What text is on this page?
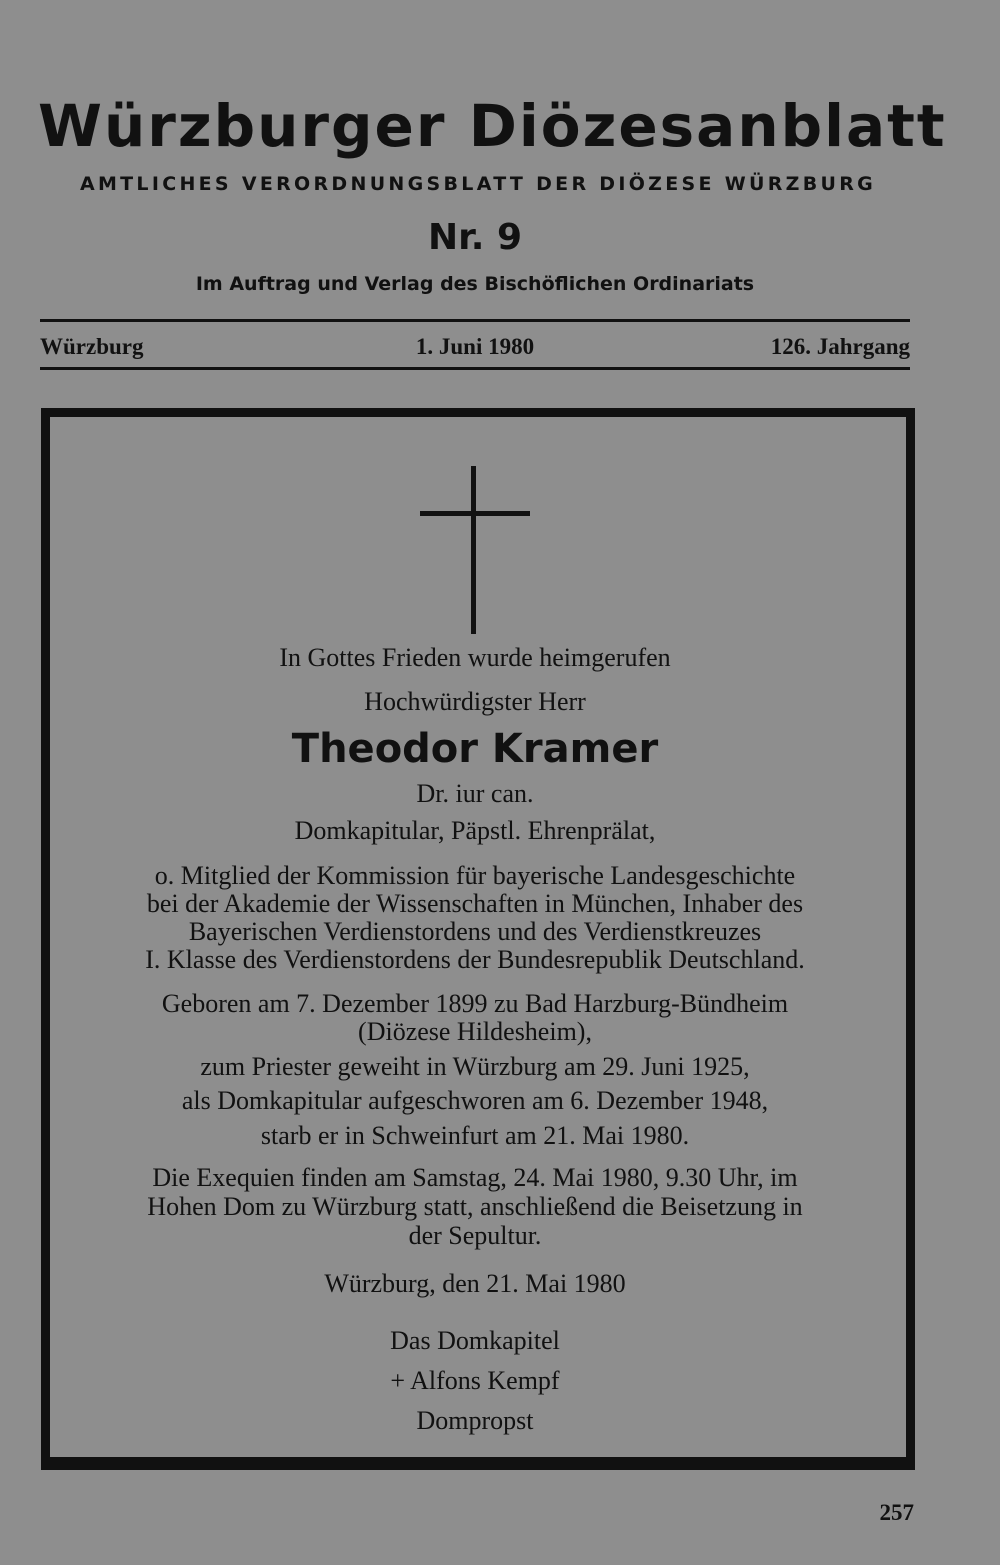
Würzburger Diözesanblatt
AMTLICHES VERORDNUNGSBLATT DER DIÖZESE WÜRZBURG
Nr. 9
Im Auftrag und Verlag des Bischöflichen Ordinariats
Würzburg	1. Juni 1980	126. Jahrgang
In Gottes Frieden wurde heimgerufen
Hochwürdigster Herr
Theodor Kramer
Dr. iur can.
Domkapitular, Päpstl. Ehrenprälat,
o. Mitglied der Kommission für bayerische Landesgeschichte
bei der Akademie der Wissenschaften in München, Inhaber des
Bayerischen Verdienstordens und des Verdienstkreuzes
I. Klasse des Verdienstordens der Bundesrepublik Deutschland.
Geboren am 7. Dezember 1899 zu Bad Harzburg-Bündheim
(Diözese Hildesheim),
zum Priester geweiht in Würzburg am 29. Juni 1925,
als Domkapitular aufgeschworen am 6. Dezember 1948,
starb er in Schweinfurt am 21. Mai 1980.
Die Exequien finden am Samstag, 24. Mai 1980, 9.30 Uhr, im
Hohen Dom zu Würzburg statt, anschließend die Beisetzung in
der Sepultur.
Würzburg, den 21. Mai 1980
Das Domkapitel
+ Alfons Kempf
Dompropst
257
